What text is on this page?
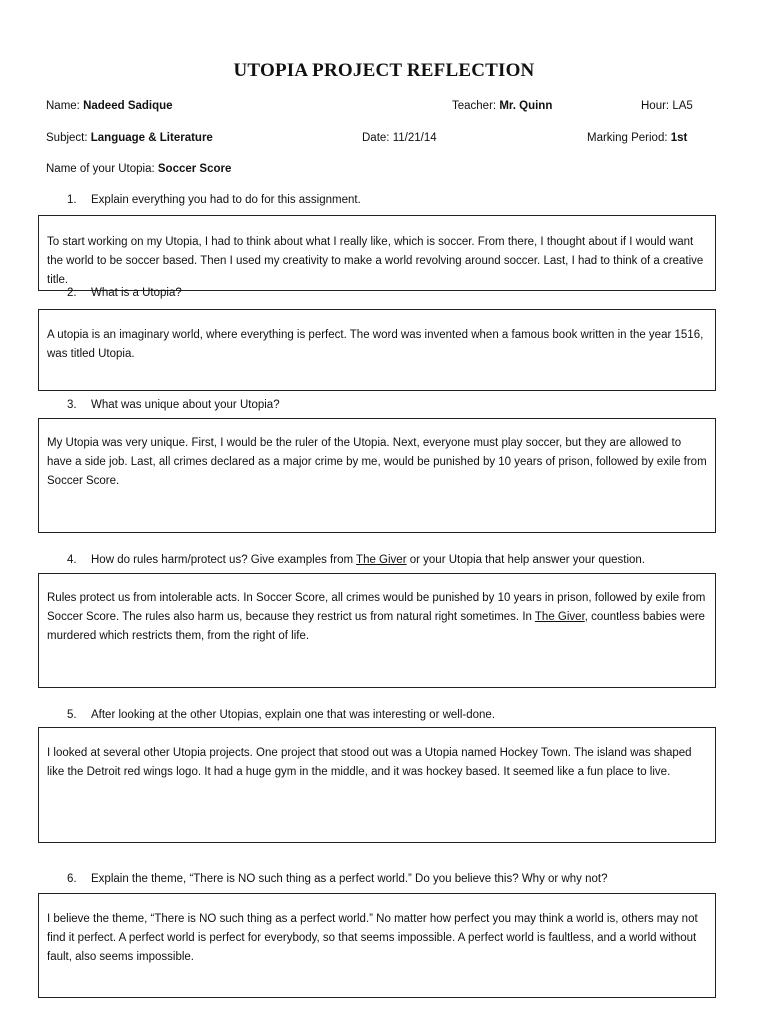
UTOPIA PROJECT REFLECTION
Name: Nadeed Sadique	Teacher: Mr. Quinn	Hour: LA5
Subject: Language & Literature	Date: 11/21/14	Marking Period: 1st
Name of your Utopia: Soccer Score
1. Explain everything you had to do for this assignment.
To start working on my Utopia, I had to think about what I really like, which is soccer. From there, I thought about if I would want the world to be soccer based. Then I used my creativity to make a world revolving around soccer. Last, I had to think of a creative title.
2. What is a Utopia?
A utopia is an imaginary world, where everything is perfect. The word was invented when a famous book written in the year 1516, was titled Utopia.
3. What was unique about your Utopia?
My Utopia was very unique. First, I would be the ruler of the Utopia. Next, everyone must play soccer, but they are allowed to have a side job. Last, all crimes declared as a major crime by me, would be punished by 10 years of prison, followed by exile from Soccer Score.
4. How do rules harm/protect us? Give examples from The Giver or your Utopia that help answer your question.
Rules protect us from intolerable acts. In Soccer Score, all crimes would be punished by 10 years in prison, followed by exile from Soccer Score. The rules also harm us, because they restrict us from natural right sometimes. In The Giver, countless babies were murdered which restricts them, from the right of life.
5. After looking at the other Utopias, explain one that was interesting or well-done.
I looked at several other Utopia projects. One project that stood out was a Utopia named Hockey Town. The island was shaped like the Detroit red wings logo. It had a huge gym in the middle, and it was hockey based. It seemed like a fun place to live.
6. Explain the theme, “There is NO such thing as a perfect world.” Do you believe this? Why or why not?
I believe the theme, “There is NO such thing as a perfect world.” No matter how perfect you may think a world is, others may not find it perfect. A perfect world is perfect for everybody, so that seems impossible. A perfect world is faultless, and a world without fault, also seems impossible.
